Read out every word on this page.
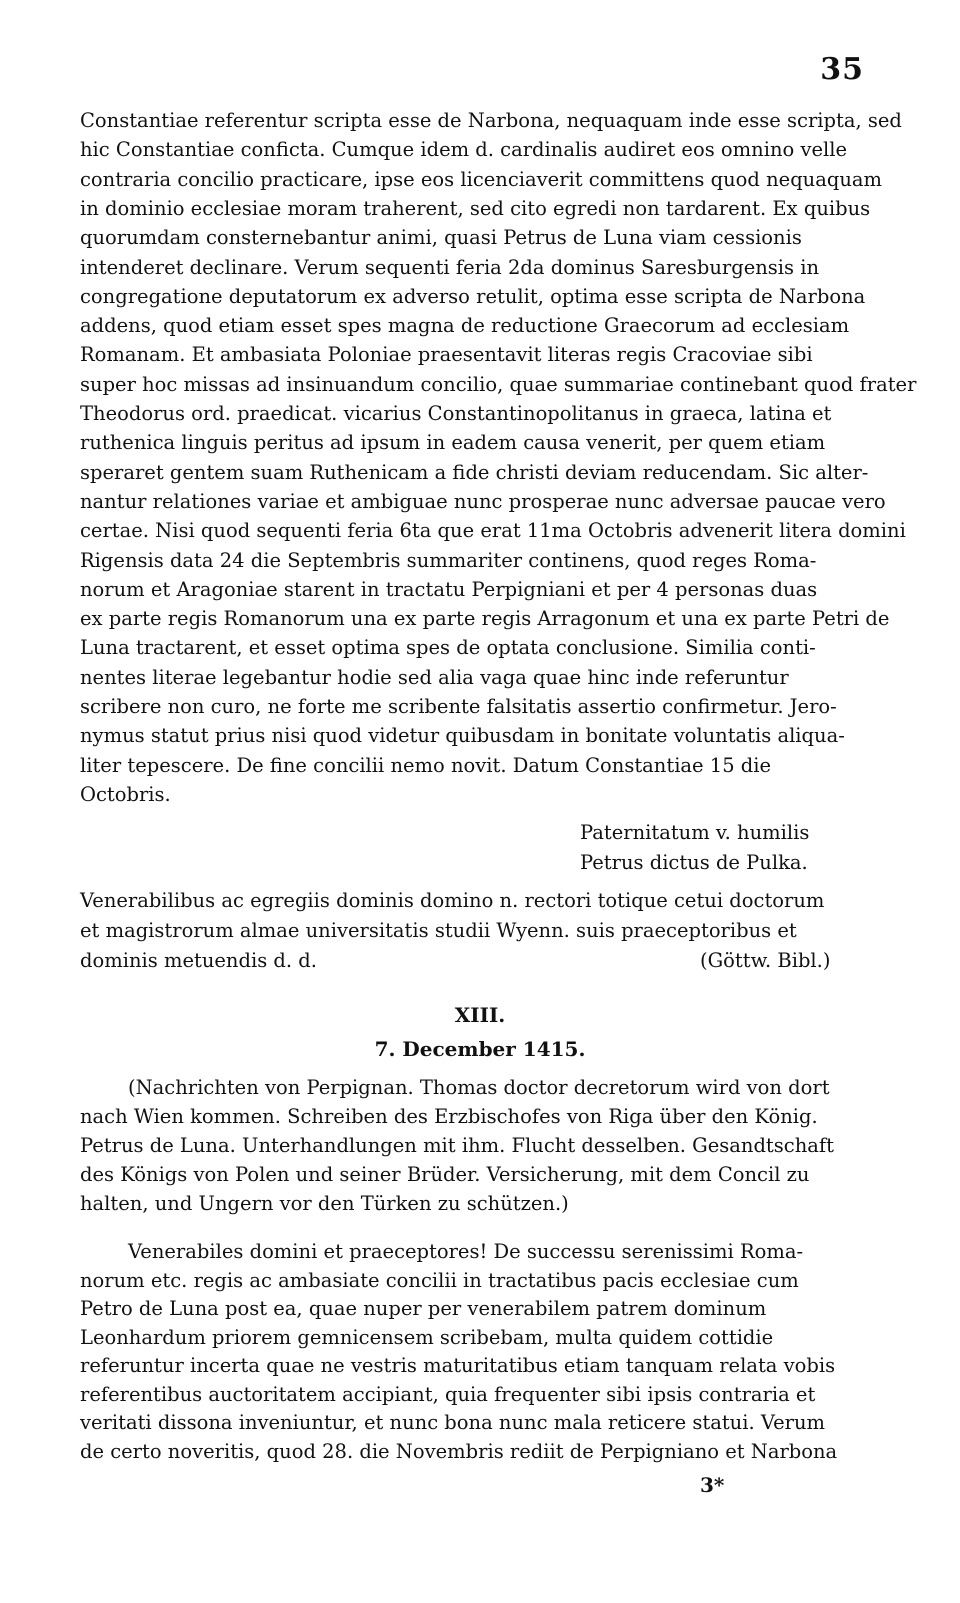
35
Constantiae referentur scripta esse de Narbona, nequaquam inde esse scripta, sed
hic Constantiae conficta. Cumque idem d. cardinalis audiret eos omnino velle
contraria concilio practicare, ipse eos licenciaverit committens quod nequaquam
in dominio ecclesiae moram traherent, sed cito egredi non tardarent. Ex quibus
quorumdam consternebantur animi, quasi Petrus de Luna viam cessionis
intenderet declinare. Verum sequenti feria 2da dominus Saresburgensis in
congregatione deputatorum ex adverso retulit, optima esse scripta de Narbona
addens, quod etiam esset spes magna de reductione Graecorum ad ecclesiam
Romanam. Et ambasiata Poloniae praesentavit literas regis Cracoviae sibi
super hoc missas ad insinuandum concilio, quae summariae continebant quod frater
Theodorus ord. praedicat. vicarius Constantinopolitanus in graeca, latina et
ruthenica linguis peritus ad ipsum in eadem causa venerit, per quem etiam
speraret gentem suam Ruthenicam a fide christi deviam reducendam. Sic alter-
nantur relationes variae et ambiguae nunc prosperae nunc adversae paucae vero
certae. Nisi quod sequenti feria 6ta que erat 11ma Octobris advenerit litera domini
Rigensis data 24 die Septembris summariter continens, quod reges Roma-
norum et Aragoniae starent in tractatu Perpigniani et per 4 personas duas
ex parte regis Romanorum una ex parte regis Arragonum et una ex parte Petri de
Luna tractarent, et esset optima spes de optata conclusione. Similia conti-
nentes literae legebantur hodie sed alia vaga quae hinc inde referuntur
scribere non curo, ne forte me scribente falsitatis assertio confirmetur. Jero-
nymus statut prius nisi quod videtur quibusdam in bonitate voluntatis aliqua-
liter tepescere. De fine concilii nemo novit. Datum Constantiae 15 die
Octobris.
Paternitatum v. humilis
Petrus dictus de Pulka.
Venerabilibus ac egregiis dominis domino n. rectori totique cetui doctorum
et magistrorum almae universitatis studii Wyenn. suis praeceptoribus et
dominis metuendis d. d.	(Göttw. Bibl.)
XIII.
7. December 1415.
(Nachrichten von Perpignan. Thomas doctor decretorum wird von dort
nach Wien kommen. Schreiben des Erzbischofes von Riga über den König.
Petrus de Luna. Unterhandlungen mit ihm. Flucht desselben. Gesandtschaft
des Königs von Polen und seiner Brüder. Versicherung, mit dem Concil zu
halten, und Ungern vor den Türken zu schützen.)
Venerabiles domini et praeceptores! De successu serenissimi Roma-
norum etc. regis ac ambasiate concilii in tractatibus pacis ecclesiae cum
Petro de Luna post ea, quae nuper per venerabilem patrem dominum
Leonhardum priorem gemnicensem scribebam, multa quidem cottidie
referuntur incerta quae ne vestris maturitatibus etiam tanquam relata vobis
referentibus auctoritatem accipiant, quia frequenter sibi ipsis contraria et
veritati dissona inveniuntur, et nunc bona nunc mala reticere statui. Verum
de certo noveritis, quod 28. die Novembris rediit de Perpigniano et Narbona
3*
